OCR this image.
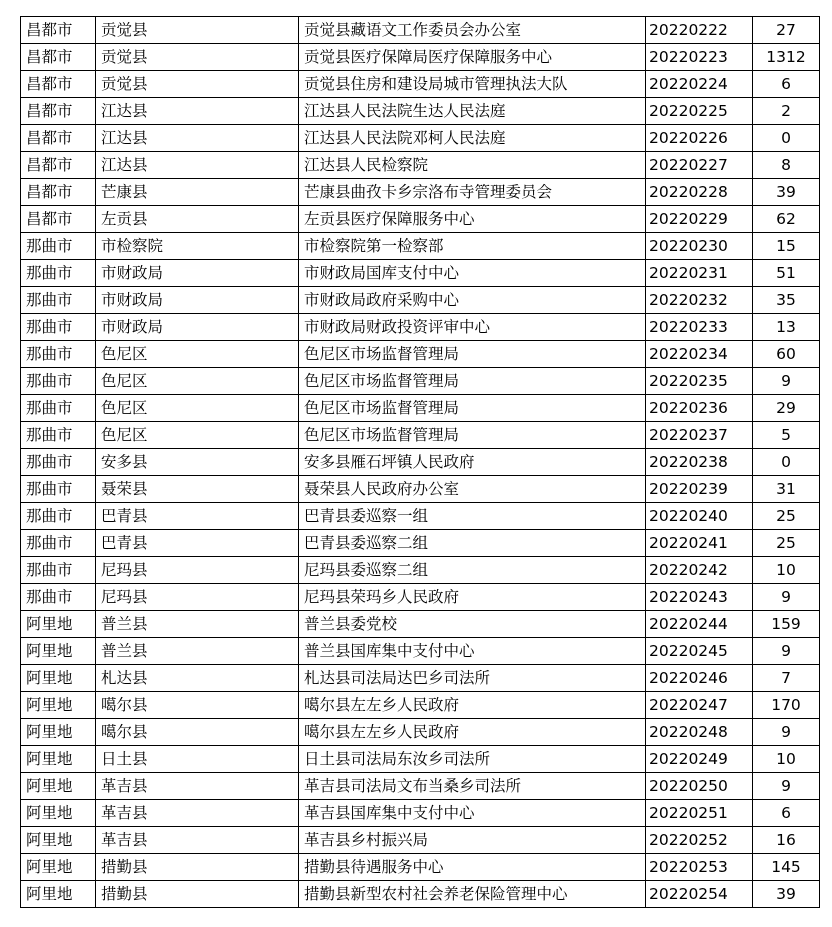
昌都市	贡觉县	贡觉县藏语文工作委员会办公室	20220222	27
昌都市	贡觉县	贡觉县医疗保障局医疗保障服务中心	20220223	1312
昌都市	贡觉县	贡觉县住房和建设局城市管理执法大队	20220224	6
昌都市	江达县	江达县人民法院生达人民法庭	20220225	2
昌都市	江达县	江达县人民法院邓柯人民法庭	20220226	0
昌都市	江达县	江达县人民检察院	20220227	8
昌都市	芒康县	芒康县曲孜卡乡宗洛布寺管理委员会	20220228	39
昌都市	左贡县	左贡县医疗保障服务中心	20220229	62
那曲市	市检察院	市检察院第一检察部	20220230	15
那曲市	市财政局	市财政局国库支付中心	20220231	51
那曲市	市财政局	市财政局政府采购中心	20220232	35
那曲市	市财政局	市财政局财政投资评审中心	20220233	13
那曲市	色尼区	色尼区市场监督管理局	20220234	60
那曲市	色尼区	色尼区市场监督管理局	20220235	9
那曲市	色尼区	色尼区市场监督管理局	20220236	29
那曲市	色尼区	色尼区市场监督管理局	20220237	5
那曲市	安多县	安多县雁石坪镇人民政府	20220238	0
那曲市	聂荣县	聂荣县人民政府办公室	20220239	31
那曲市	巴青县	巴青县委巡察一组	20220240	25
那曲市	巴青县	巴青县委巡察二组	20220241	25
那曲市	尼玛县	尼玛县委巡察二组	20220242	10
那曲市	尼玛县	尼玛县荣玛乡人民政府	20220243	9
阿里地	普兰县	普兰县委党校	20220244	159
阿里地	普兰县	普兰县国库集中支付中心	20220245	9
阿里地	札达县	札达县司法局达巴乡司法所	20220246	7
阿里地	噶尔县	噶尔县左左乡人民政府	20220247	170
阿里地	噶尔县	噶尔县左左乡人民政府	20220248	9
阿里地	日土县	日土县司法局东汝乡司法所	20220249	10
阿里地	革吉县	革吉县司法局文布当桑乡司法所	20220250	9
阿里地	革吉县	革吉县国库集中支付中心	20220251	6
阿里地	革吉县	革吉县乡村振兴局	20220252	16
阿里地	措勤县	措勤县待遇服务中心	20220253	145
阿里地	措勤县	措勤县新型农村社会养老保险管理中心	20220254	39
